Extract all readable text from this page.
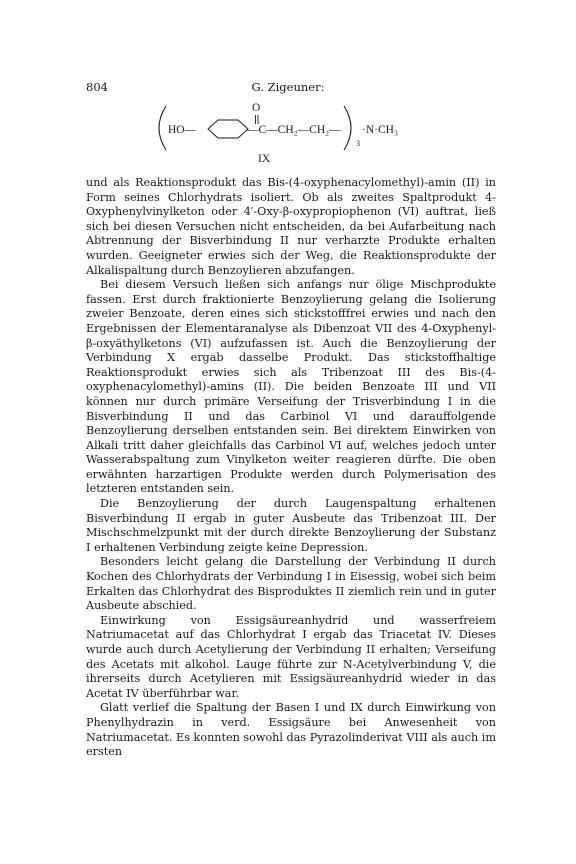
804	G. Zigeuner:
HO—
O
—C—CH₂—CH₂—
3
·N·CH₃
IX

und als Reaktionsprodukt das Bis-(4-oxyphenacylomethyl)-amin (II) in Form seines Chlorhydrats isoliert. Ob als zweites Spaltprodukt 4-Oxyphenylvinylketon oder 4′-Oxy-β-oxypropiophenon (VI) auftrat, ließ sich bei diesen Versuchen nicht entscheiden, da bei Aufarbeitung nach Abtrennung der Bisverbindung II nur verharzte Produkte erhalten wurden. Geeigneter erwies sich der Weg, die Reaktionsprodukte der Alkalispaltung durch Benzoylieren abzufangen.

Bei diesem Versuch ließen sich anfangs nur ölige Mischprodukte fassen. Erst durch fraktionierte Benzoylierung gelang die Isolierung zweier Benzoate, deren eines sich stickstofffrei erwies und nach den Ergebnissen der Elementaranalyse als Dibenzoat VII des 4-Oxyphenyl-β-oxyäthylketons (VI) aufzufassen ist. Auch die Benzoylierung der Verbindung X ergab dasselbe Produkt. Das stickstoffhaltige Reaktionsprodukt erwies sich als Tribenzoat III des Bis-(4-oxyphenacylomethyl)-amins (II). Die beiden Benzoate III und VII können nur durch primäre Verseifung der Trisverbindung I in die Bisverbindung II und das Carbinol VI und darauffolgende Benzoylierung derselben entstanden sein. Bei direktem Einwirken von Alkali tritt daher gleichfalls das Carbinol VI auf, welches jedoch unter Wasserabspaltung zum Vinylketon weiter reagieren dürfte. Die oben erwähnten harzartigen Produkte werden durch Polymerisation des letzteren entstanden sein.

Die Benzoylierung der durch Laugenspaltung erhaltenen Bisverbindung II ergab in guter Ausbeute das Tribenzoat III. Der Mischschmelzpunkt mit der durch direkte Benzoylierung der Substanz I erhaltenen Verbindung zeigte keine Depression.

Besonders leicht gelang die Darstellung der Verbindung II durch Kochen des Chlorhydrats der Verbindung I in Eisessig, wobei sich beim Erkalten das Chlorhydrat des Bisproduktes II ziemlich rein und in guter Ausbeute abschied.

Einwirkung von Essigsäureanhydrid und wasserfreiem Natriumacetat auf das Chlorhydrat I ergab das Triacetat IV. Dieses wurde auch durch Acetylierung der Verbindung II erhalten; Verseifung des Acetats mit alkohol. Lauge führte zur N-Acetylverbindung V, die ihrerseits durch Acetylieren mit Essigsäureanhydrid wieder in das Acetat IV überführbar war.

Glatt verlief die Spaltung der Basen I und IX durch Einwirkung von Phenylhydrazin in verd. Essigsäure bei Anwesenheit von Natriumacetat. Es konnten sowohl das Pyrazolinderivat VIII als auch im ersten
